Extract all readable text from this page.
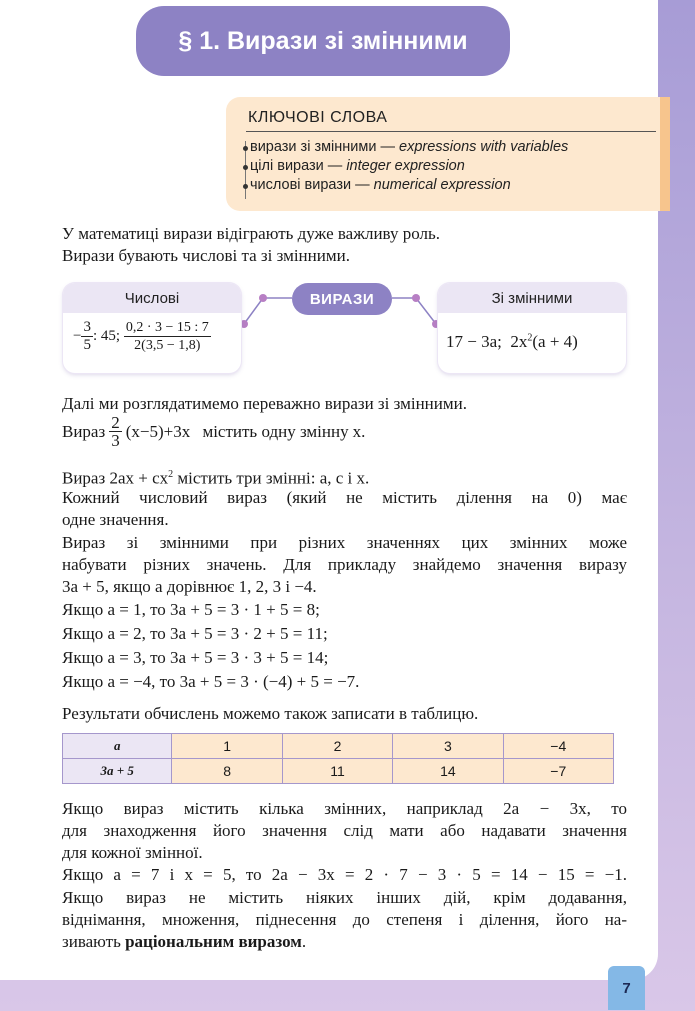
§ 1. Вирази зі змінними
КЛЮЧОВІ СЛОВА
вирази зі змінними — expressions with variables
цілі вирази — integer expression
числові вирази — numerical expression
У математиці вирази відіграють дуже важливу роль.
Вирази бувають числові та зі змінними.
Числові
− $\frac{3}{5}$ : 45; $\frac{0,2 \cdot 3 - 15 : 7}{2(3,5 - 1,8)}$
ВИРАЗИ	Зі змінними
17 − 3a; $2x^2(a + 4)$
Далі ми розглядатимемо переважно вирази зі змінними.
Вираз $\frac{2}{3} (x-5)+3x$
містить одну змінну x.
Вираз $2ax + cx^2$ містить три змінні: a, c і x.
Кожний числовий вираз (який не містить ділення на 0) має
одне значення.
Вираз зі змінними при різних значеннях цих змінних може
набувати різних значень. Для прикладу знайдемо значення виразу
3a + 5, якщо a дорівнює 1, 2, 3 і −4.
Якщо a = 1, то 3a + 5 = 3 · 1 + 5 = 8;
Якщо a = 2, то 3a + 5 = 3 · 2 + 5 = 11;
Якщо a = 3, то 3a + 5 = 3 · 3 + 5 = 14;
Якщо a = −4, то 3a + 5 = 3 · (−4) + 5 = −7.
Результати обчислень можемо також записати в таблицю.
a	1	2	3	−4
3a + 5	8	11	14	−7
Якщо вираз містить кілька змінних, наприклад 2a − 3x, то
для знаходження його значення слід мати або надавати значення
для кожної змінної.
Якщо a = 7 і x = 5, то 2a − 3x = 2 · 7 − 3 · 5 = 14 − 15 = −1.
Якщо вираз не містить ніяких інших дій, крім додавання,
віднімання, множення, піднесення до степеня і ділення, його на-
зивають раціональним виразом.
7
